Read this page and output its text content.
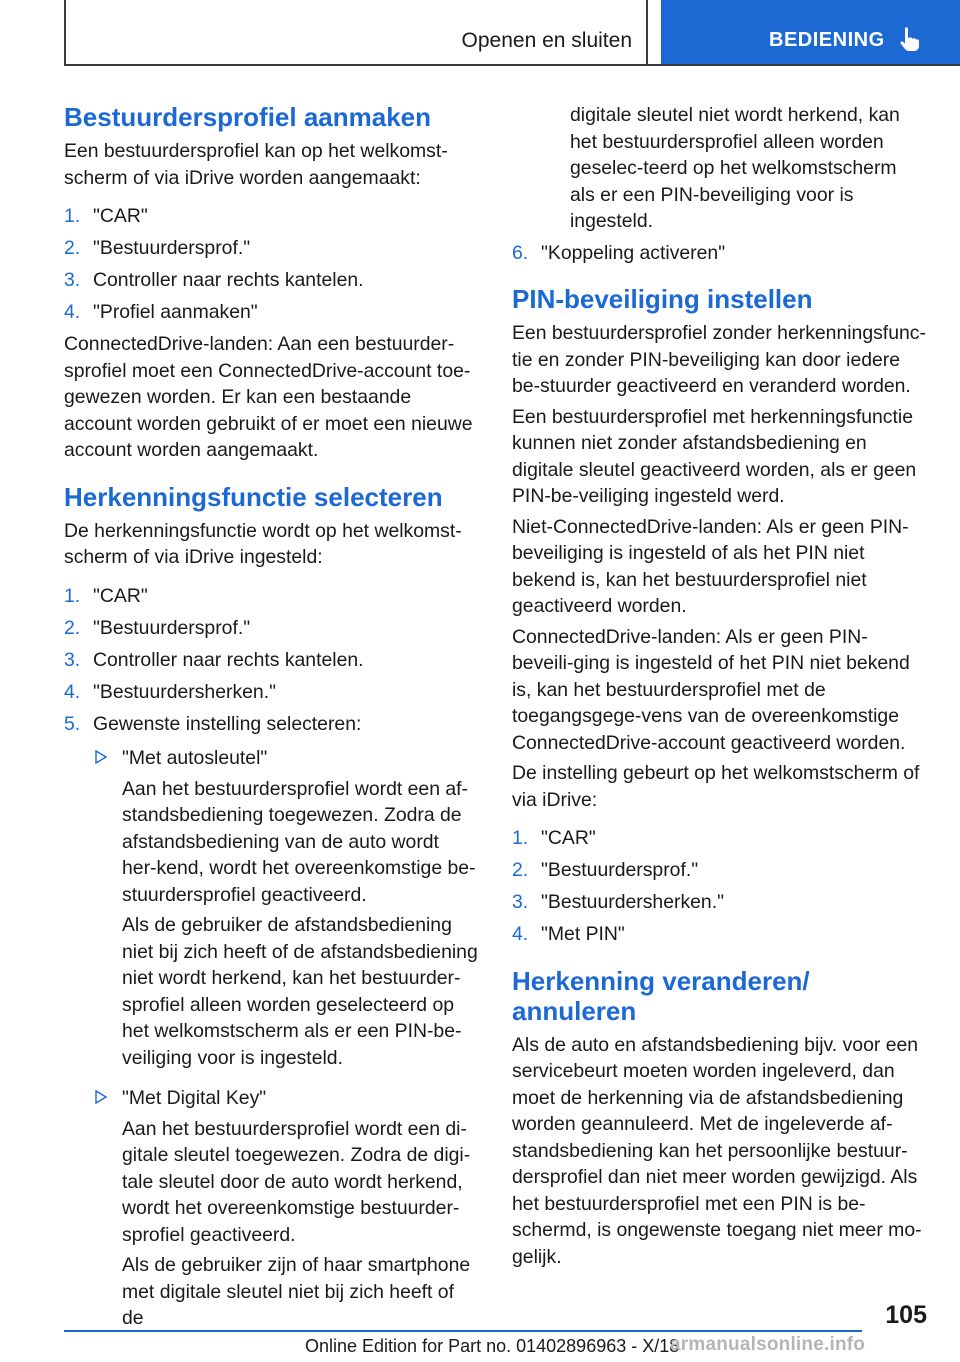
Openen en sluiten	BEDIENING
Bestuurdersprofiel aanmaken

Een bestuurdersprofiel kan op het welkomst-scherm of via iDrive worden aangemaakt:

1. "CAR"
2. "Bestuurdersprof."
3. Controller naar rechts kantelen.
4. "Profiel aanmaken"

ConnectedDrive-landen: Aan een bestuurder-sprofiel moet een ConnectedDrive-account toe-gewezen worden. Er kan een bestaande account worden gebruikt of er moet een nieuwe account worden aangemaakt.

Herkenningsfunctie selecteren

De herkenningsfunctie wordt op het welkomst-scherm of via iDrive ingesteld:

1. "CAR"
2. "Bestuurdersprof."
3. Controller naar rechts kantelen.
4. "Bestuurdersherken."
5. Gewenste instelling selecteren:
"Met autosleutel"
Aan het bestuurdersprofiel wordt een af-standsbediening toegewezen. Zodra de afstandsbediening van de auto wordt her-kend, wordt het overeenkomstige be-stuurdersprofiel geactiveerd.
Als de gebruiker de afstandsbediening niet bij zich heeft of de afstandsbediening niet wordt herkend, kan het bestuurder-sprofiel alleen worden geselecteerd op het welkomstscherm als er een PIN-be-veiliging voor is ingesteld.
"Met Digital Key"
Aan het bestuurdersprofiel wordt een di-gitale sleutel toegewezen. Zodra de digi-tale sleutel door de auto wordt herkend, wordt het overeenkomstige bestuurder-sprofiel geactiveerd.
Als de gebruiker zijn of haar smartphone met digitale sleutel niet bij zich heeft of de

digitale sleutel niet wordt herkend, kan het bestuurdersprofiel alleen worden geselec-teerd op het welkomstscherm als er een PIN-beveiliging voor is ingesteld.

6. "Koppeling activeren"
PIN-beveiliging instellen

Een bestuurdersprofiel zonder herkenningsfunc-tie en zonder PIN-beveiliging kan door iedere be-stuurder geactiveerd en veranderd worden.

Een bestuurdersprofiel met herkenningsfunctie kunnen niet zonder afstandsbediening en digitale sleutel geactiveerd worden, als er geen PIN-be-veiliging ingesteld werd.

Niet-ConnectedDrive-landen: Als er geen PIN-beveiliging is ingesteld of als het PIN niet bekend is, kan het bestuurdersprofiel niet geactiveerd worden.

ConnectedDrive-landen: Als er geen PIN-beveili-ging is ingesteld of het PIN niet bekend is, kan het bestuurdersprofiel met de toegangsgege-vens van de overeenkomstige ConnectedDrive-account geactiveerd worden.

De instelling gebeurt op het welkomstscherm of via iDrive:

1. "CAR"
2. "Bestuurdersprof."
3. "Bestuurdersherken."
4. "Met PIN"
Herkenning veranderen/ annuleren

Als de auto en afstandsbediening bijv. voor een servicebeurt moeten worden ingeleverd, dan moet de herkenning via de afstandsbediening worden geannuleerd. Met de ingeleverde af-standsbediening kan het persoonlijke bestuur-dersprofiel dan niet meer worden gewijzigd. Als het bestuurdersprofiel met een PIN is be-schermd, is ongewenste toegang niet meer mo-gelijk.

105
Online Edition for Part no. 01402896963 - X/18
armanualsonline.info
